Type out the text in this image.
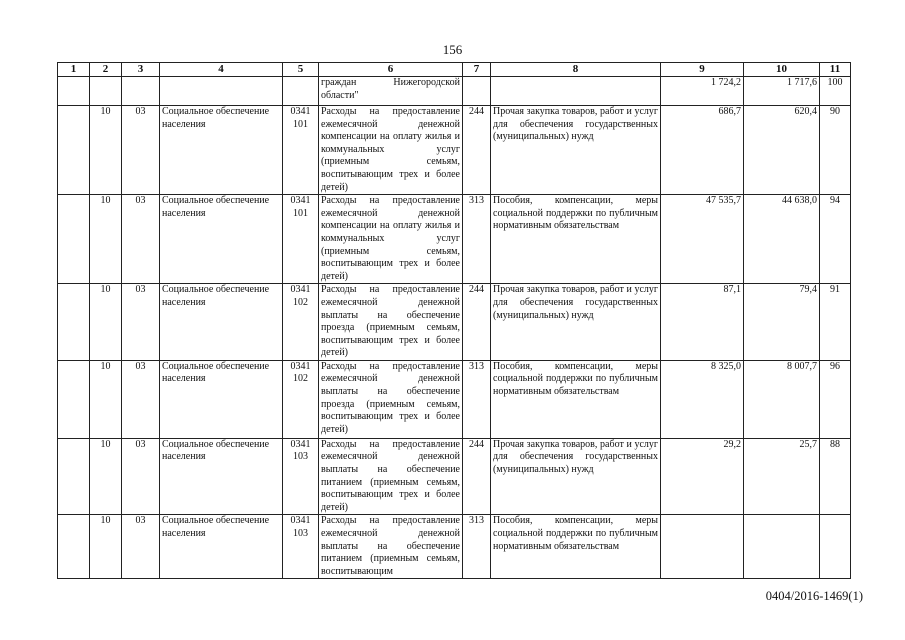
156
1	2	3	4	5	6	7	8	9	10	11
					граждан Нижегородской области"			1 724,2	1 717,6	100
	10	03	Социальное обеспечение населения	0341 101	Расходы на предоставление ежемесячной денежной компенсации на оплату жилья и коммунальных услуг (приемным семьям, воспитывающим трех и более детей)	244	Прочая закупка товаров, работ и услуг для обеспечения государственных (муниципальных) нужд	686,7	620,4	90
	10	03	Социальное обеспечение населения	0341 101	Расходы на предоставление ежемесячной денежной компенсации на оплату жилья и коммунальных услуг (приемным семьям, воспитывающим трех и более детей)	313	Пособия, компенсации, меры социальной поддержки по публичным нормативным обязательствам	47 535,7	44 638,0	94
	10	03	Социальное обеспечение населения	0341 102	Расходы на предоставление ежемесячной денежной выплаты на обеспечение проезда (приемным семьям, воспитывающим трех и более детей)	244	Прочая закупка товаров, работ и услуг для обеспечения государственных (муниципальных) нужд	87,1	79,4	91
	10	03	Социальное обеспечение населения	0341 102	Расходы на предоставление ежемесячной денежной выплаты на обеспечение проезда (приемным семьям, воспитывающим трех и более детей)	313	Пособия, компенсации, меры социальной поддержки по публичным нормативным обязательствам	8 325,0	8 007,7	96
	10	03	Социальное обеспечение населения	0341 103	Расходы на предоставление ежемесячной денежной выплаты на обеспечение питанием (приемным семьям, воспитывающим трех и более детей)	244	Прочая закупка товаров, работ и услуг для обеспечения государственных (муниципальных) нужд	29,2	25,7	88
	10	03	Социальное обеспечение населения	0341 103	Расходы на предоставление ежемесячной денежной выплаты на обеспечение питанием (приемным семьям, воспитывающим	313	Пособия, компенсации, меры социальной поддержки по публичным нормативным обязательствам			
0404/2016-1469(1)
